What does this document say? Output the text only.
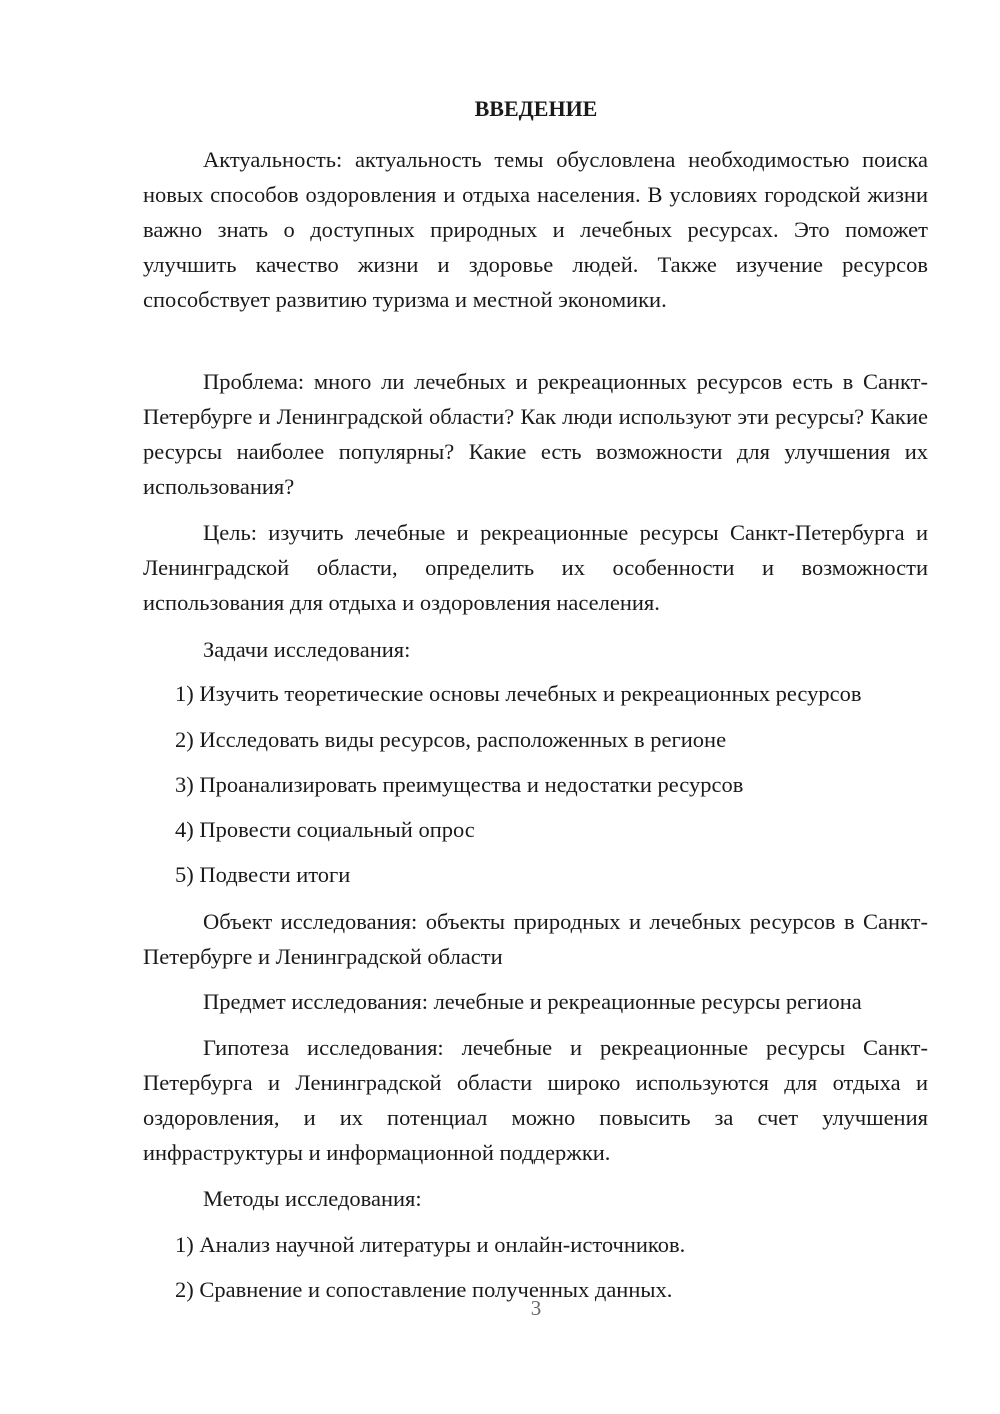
ВВЕДЕНИЕ

Актуальность: актуальность темы обусловлена необходимостью поиска новых способов оздоровления и отдыха населения. В условиях городской жизни важно знать о доступных природных и лечебных ресурсах. Это поможет улучшить качество жизни и здоровье людей. Также изучение ресурсов способствует развитию туризма и местной экономики.

Проблема: много ли лечебных и рекреационных ресурсов есть в Санкт-Петербурге и Ленинградской области? Как люди используют эти ресурсы? Какие ресурсы наиболее популярны? Какие есть возможности для улучшения их использования?

Цель: изучить лечебные и рекреационные ресурсы Санкт-Петербурга и Ленинградской области, определить их особенности и возможности использования для отдыха и оздоровления населения.

Задачи исследования:
1) Изучить теоретические основы лечебных и рекреационных ресурсов
2) Исследовать виды ресурсов, расположенных в регионе
3) Проанализировать преимущества и недостатки ресурсов
4) Провести социальный опрос
5) Подвести итоги

Объект исследования: объекты природных и лечебных ресурсов в Санкт-Петербурге и Ленинградской области

Предмет исследования: лечебные и рекреационные ресурсы региона

Гипотеза исследования: лечебные и рекреационные ресурсы Санкт-Петербурга и Ленинградской области широко используются для отдыха и оздоровления, и их потенциал можно повысить за счет улучшения инфраструктуры и информационной поддержки.

Методы исследования:
1) Анализ научной литературы и онлайн-источников.
2) Сравнение и сопоставление полученных данных.
3
